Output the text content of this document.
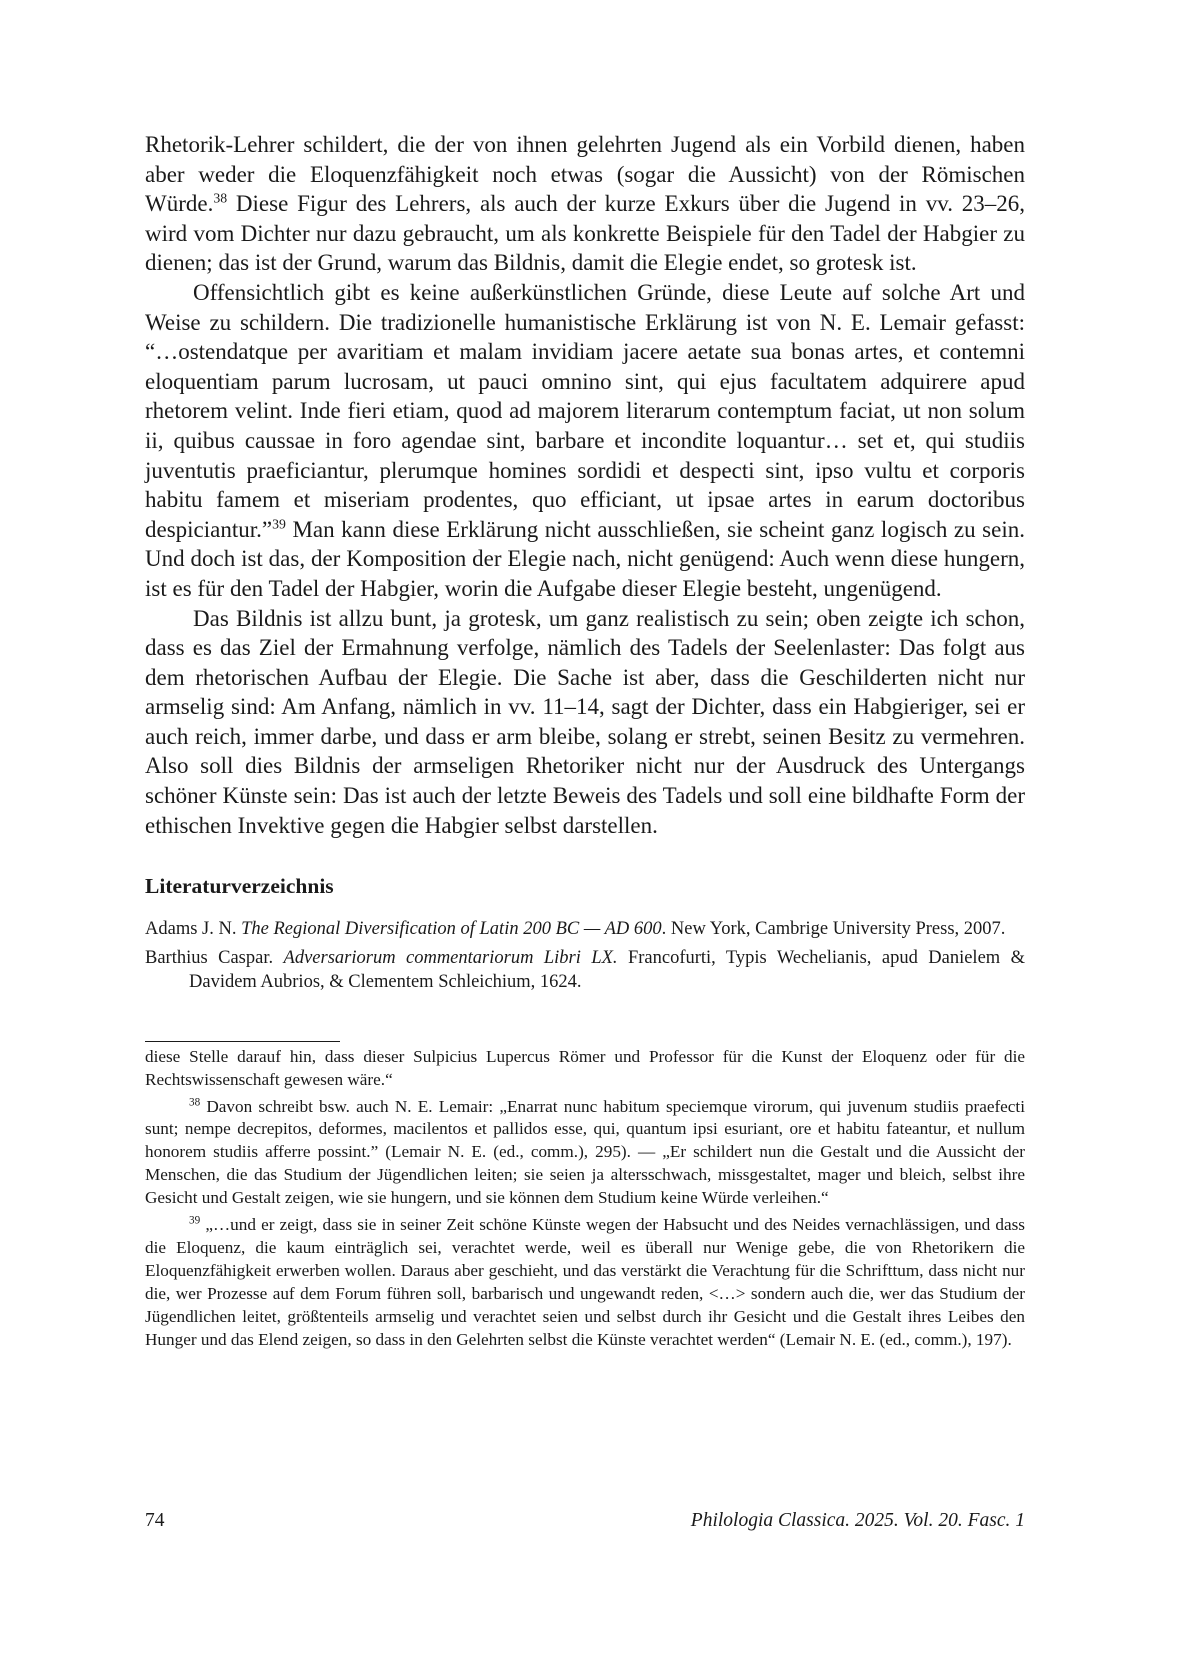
Rhetorik-Lehrer schildert, die der von ihnen gelehrten Jugend als ein Vorbild dienen, haben aber weder die Eloquenzfähigkeit noch etwas (sogar die Aussicht) von der Römischen Würde.$^{38}$ Diese Figur des Lehrers, als auch der kurze Exkurs über die Jugend in vv. 23–26, wird vom Dichter nur dazu gebraucht, um als konkrette Beispiele für den Tadel der Habgier zu dienen; das ist der Grund, warum das Bildnis, damit die Elegie endet, so grotesk ist.

Offensichtlich gibt es keine außerkünstlichen Gründe, diese Leute auf solche Art und Weise zu schildern. Die tradizionelle humanistische Erklärung ist von N. E. Lemair gefasst: “…ostendatque per avaritiam et malam invidiam jacere aetate sua bonas artes, et contemni eloquentiam parum lucrosam, ut pauci omnino sint, qui ejus facultatem adquirere apud rhetorem velint. Inde fieri etiam, quod ad majorem literarum contemptum faciat, ut non solum ii, quibus caussae in foro agendae sint, barbare et incondite loquantur… set et, qui studiis juventutis praeficiantur, plerumque homines sordidi et despecti sint, ipso vultu et corporis habitu famem et miseriam prodentes, quo efficiant, ut ipsae artes in earum doctoribus despiciantur.”$^{39}$ Man kann diese Erklärung nicht ausschließen, sie scheint ganz logisch zu sein. Und doch ist das, der Komposition der Elegie nach, nicht genügend: Auch wenn diese hungern, ist es für den Tadel der Habgier, worin die Aufgabe dieser Elegie besteht, ungenügend.

Das Bildnis ist allzu bunt, ja grotesk, um ganz realistisch zu sein; oben zeigte ich schon, dass es das Ziel der Ermahnung verfolge, nämlich des Tadels der Seelenlaster: Das folgt aus dem rhetorischen Aufbau der Elegie. Die Sache ist aber, dass die Geschilderten nicht nur armselig sind: Am Anfang, nämlich in vv. 11–14, sagt der Dichter, dass ein Habgieriger, sei er auch reich, immer darbe, und dass er arm bleibe, solang er strebt, seinen Besitz zu vermehren. Also soll dies Bildnis der armseligen Rhetoriker nicht nur der Ausdruck des Untergangs schöner Künste sein: Das ist auch der letzte Beweis des Tadels und soll eine bildhafte Form der ethischen Invektive gegen die Habgier selbst darstellen.

Literaturverzeichnis

Adams J. N. The Regional Diversification of Latin 200 BC — AD 600. New York, Cambrige University Press, 2007.

Barthius Caspar. Adversariorum commentariorum Libri LX. Francofurti, Typis Wechelianis, apud Danielem & Davidem Aubrios, & Clementem Schleichium, 1624.

diese Stelle darauf hin, dass dieser Sulpicius Lupercus Römer und Professor für die Kunst der Eloquenz oder für die Rechtswissenschaft gewesen wäre.“

$^{38}$ Davon schreibt bsw. auch N. E. Lemair: „Enarrat nunc habitum speciemque virorum, qui juvenum studiis praefecti sunt; nempe decrepitos, deformes, macilentos et pallidos esse, qui, quantum ipsi esuriant, ore et habitu fateantur, et nullum honorem studiis afferre possint.” (Lemair N. E. (ed., comm.), 295). — „Er schildert nun die Gestalt und die Aussicht der Menschen, die das Studium der Jügendlichen leiten; sie seien ja altersschwach, missgestaltet, mager und bleich, selbst ihre Gesicht und Gestalt zeigen, wie sie hungern, und sie können dem Studium keine Würde verleihen.“

$^{39}$ „…und er zeigt, dass sie in seiner Zeit schöne Künste wegen der Habsucht und des Neides vernachlässigen, und dass die Eloquenz, die kaum einträglich sei, verachtet werde, weil es überall nur Wenige gebe, die von Rhetorikern die Eloquenzfähigkeit erwerben wollen. Daraus aber geschieht, und das verstärkt die Verachtung für die Schrifttum, dass nicht nur die, wer Prozesse auf dem Forum führen soll, barbarisch und ungewandt reden, <…> sondern auch die, wer das Studium der Jügendlichen leitet, größtenteils armselig und verachtet seien und selbst durch ihr Gesicht und die Gestalt ihres Leibes den Hunger und das Elend zeigen, so dass in den Gelehrten selbst die Künste verachtet werden“ (Lemair N. E. (ed., comm.), 197).

74	Philologia Classica. 2025. Vol. 20. Fasc. 1
